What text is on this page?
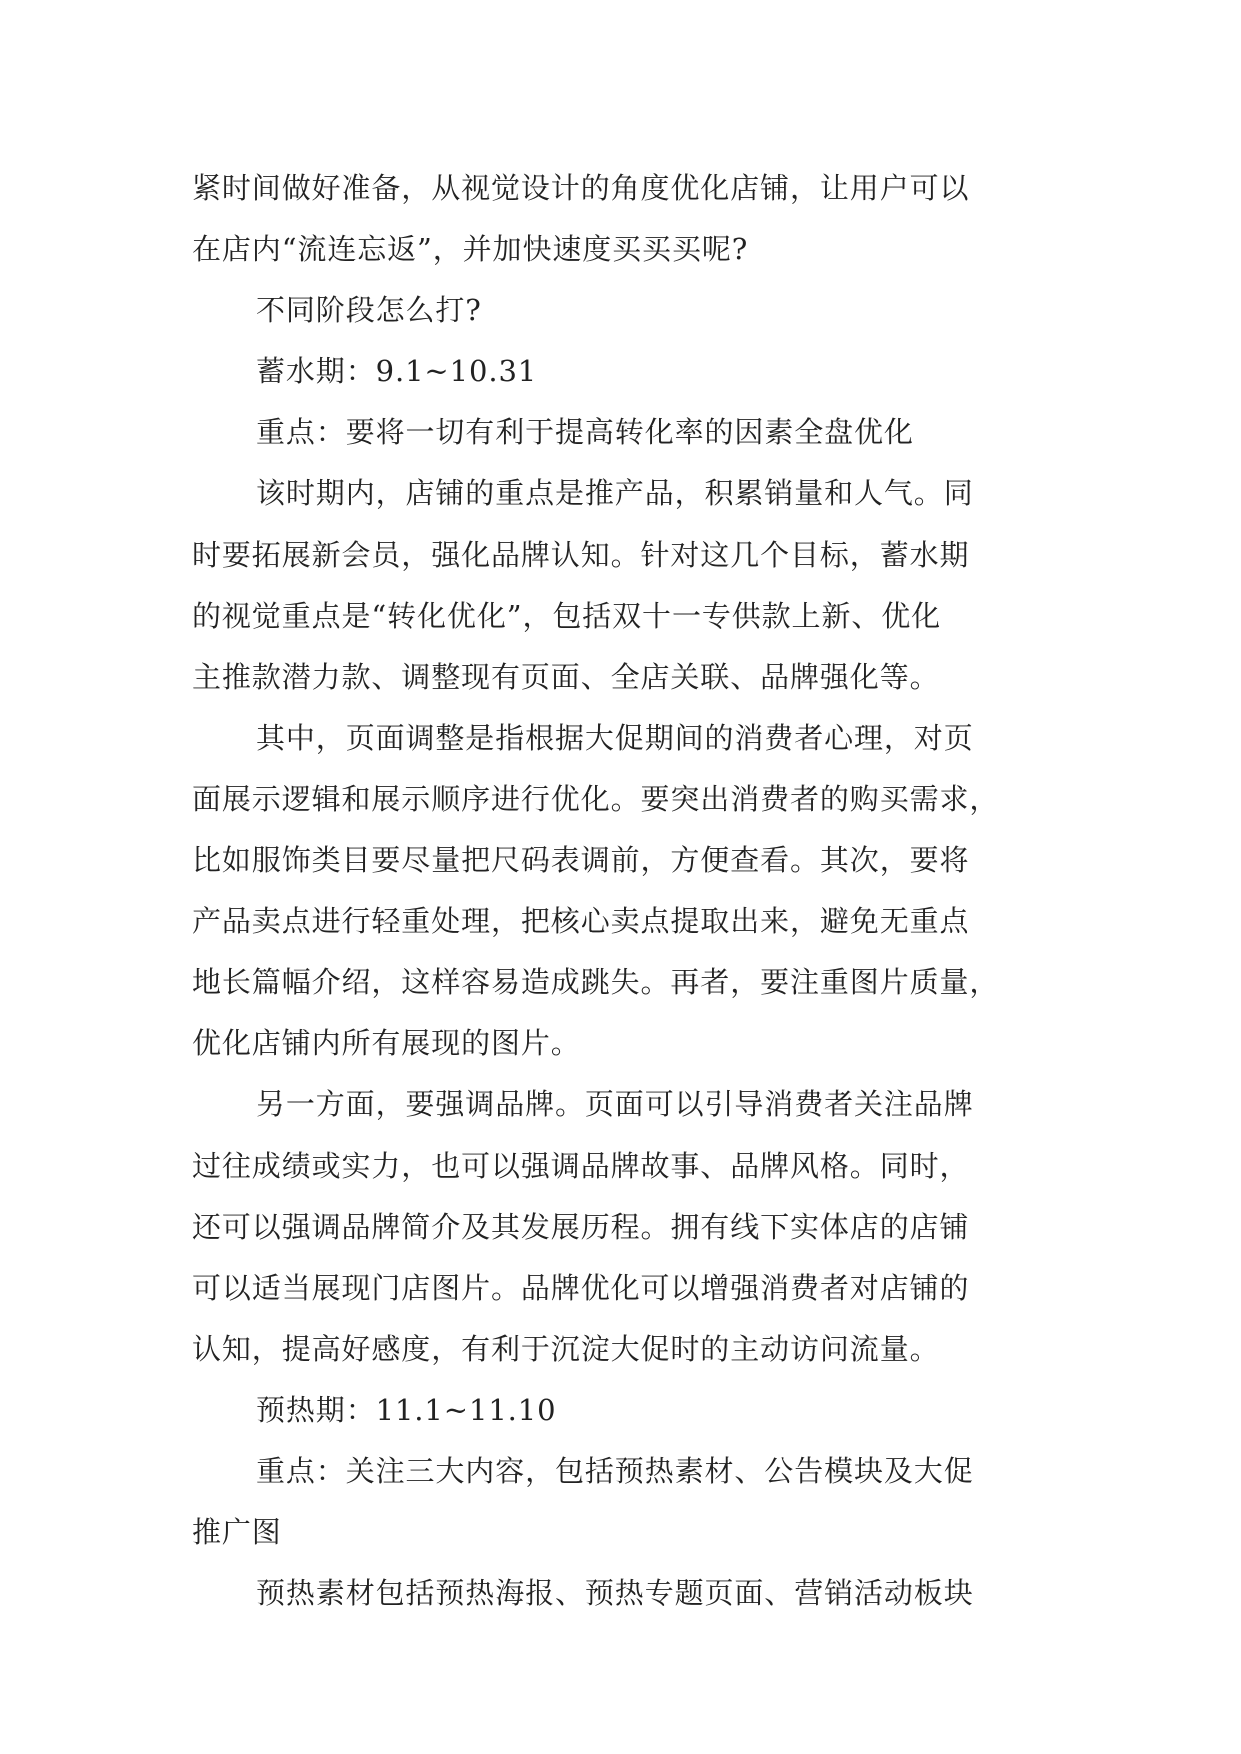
紧时间做好准备，从视觉设计的角度优化店铺，让用户可以
在店内“流连忘返”，并加快速度买买买呢?
不同阶段怎么打?
蓄水期：9.1~10.31
重点：要将一切有利于提高转化率的因素全盘优化
该时期内，店铺的重点是推产品，积累销量和人气。同
时要拓展新会员，强化品牌认知。针对这几个目标，蓄水期
的视觉重点是“转化优化”，包括双十一专供款上新、优化
主推款潜力款、调整现有页面、全店关联、品牌强化等。
其中，页面调整是指根据大促期间的消费者心理，对页
面展示逻辑和展示顺序进行优化。要突出消费者的购买需求，
比如服饰类目要尽量把尺码表调前，方便查看。其次，要将
产品卖点进行轻重处理，把核心卖点提取出来，避免无重点
地长篇幅介绍，这样容易造成跳失。再者，要注重图片质量，
优化店铺内所有展现的图片。
另一方面，要强调品牌。页面可以引导消费者关注品牌
过往成绩或实力，也可以强调品牌故事、品牌风格。同时，
还可以强调品牌简介及其发展历程。拥有线下实体店的店铺
可以适当展现门店图片。品牌优化可以增强消费者对店铺的
认知，提高好感度，有利于沉淀大促时的主动访问流量。
预热期：11.1~11.10
重点：关注三大内容，包括预热素材、公告模块及大促
推广图
预热素材包括预热海报、预热专题页面、营销活动板块
